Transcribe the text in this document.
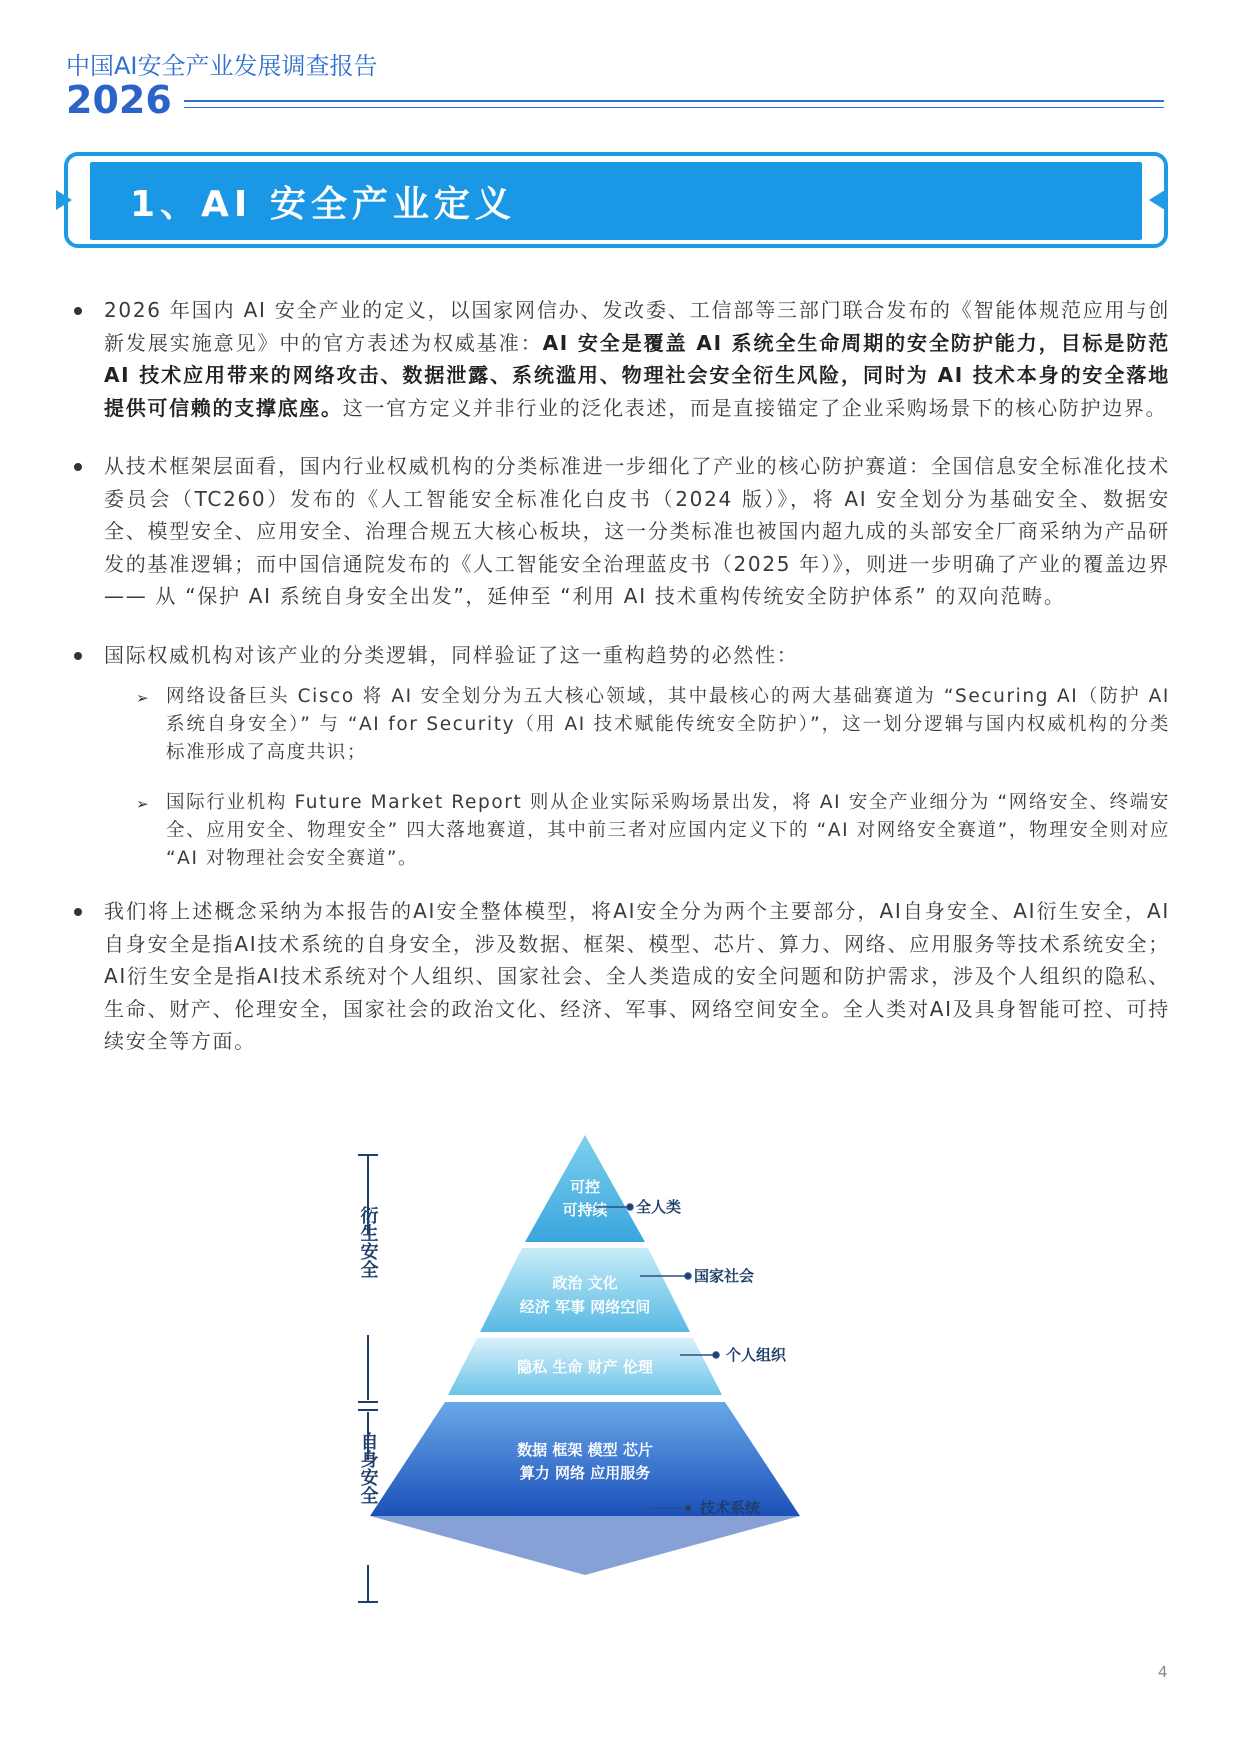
中国AI安全产业发展调查报告
2026
1、AI 安全产业定义
2026 年国内 AI 安全产业的定义，以国家网信办、发改委、工信部等三部门联合发布的《智能体规范应用与创新发展实施意见》中的官方表述为权威基准：AI 安全是覆盖 AI 系统全生命周期的安全防护能力，目标是防范 AI 技术应用带来的网络攻击、数据泄露、系统滥用、物理社会安全衍生风险，同时为 AI 技术本身的安全落地提供可信赖的支撑底座。这一官方定义并非行业的泛化表述，而是直接锚定了企业采购场景下的核心防护边界。
从技术框架层面看，国内行业权威机构的分类标准进一步细化了产业的核心防护赛道：全国信息安全标准化技术委员会（TC260）发布的《人工智能安全标准化白皮书（2024 版）》，将 AI 安全划分为基础安全、数据安全、模型安全、应用安全、治理合规五大核心板块，这一分类标准也被国内超九成的头部安全厂商采纳为产品研发的基准逻辑；而中国信通院发布的《人工智能安全治理蓝皮书（2025 年）》，则进一步明确了产业的覆盖边界 —— 从 “保护 AI 系统自身安全出发”，延伸至 “利用 AI 技术重构传统安全防护体系” 的双向范畴。
国际权威机构对该产业的分类逻辑，同样验证了这一重构趋势的必然性：
➢ 网络设备巨头 Cisco 将 AI 安全划分为五大核心领域，其中最核心的两大基础赛道为 “Securing AI（防护 AI 系统自身安全）” 与 “AI for Security（用 AI 技术赋能传统安全防护）”，这一划分逻辑与国内权威机构的分类标准形成了高度共识；
➢ 国际行业机构 Future Market Report 则从企业实际采购场景出发，将 AI 安全产业细分为 “网络安全、终端安全、应用安全、物理安全” 四大落地赛道，其中前三者对应国内定义下的 “AI 对网络安全赛道”，物理安全则对应 “AI 对物理社会安全赛道”。
我们将上述概念采纳为本报告的AI安全整体模型，将AI安全分为两个主要部分，AI自身安全、AI衍生安全，AI自身安全是指AI技术系统的自身安全，涉及数据、框架、模型、芯片、算力、网络、应用服务等技术系统安全；AI衍生安全是指AI技术系统对个人组织、国家社会、全人类造成的安全问题和防护需求，涉及个人组织的隐私、生命、财产、伦理安全，国家社会的政治文化、经济、军事、网络空间安全。全人类对AI及具身智能可控、可持续安全等方面。
衍生安全
自身安全
可控
可持续
政治 文化
经济 军事 网络空间
隐私 生命 财产 伦理
数据 框架 模型 芯片
算力 网络 应用服务
全人类
国家社会
个人组织
技术系统
4
